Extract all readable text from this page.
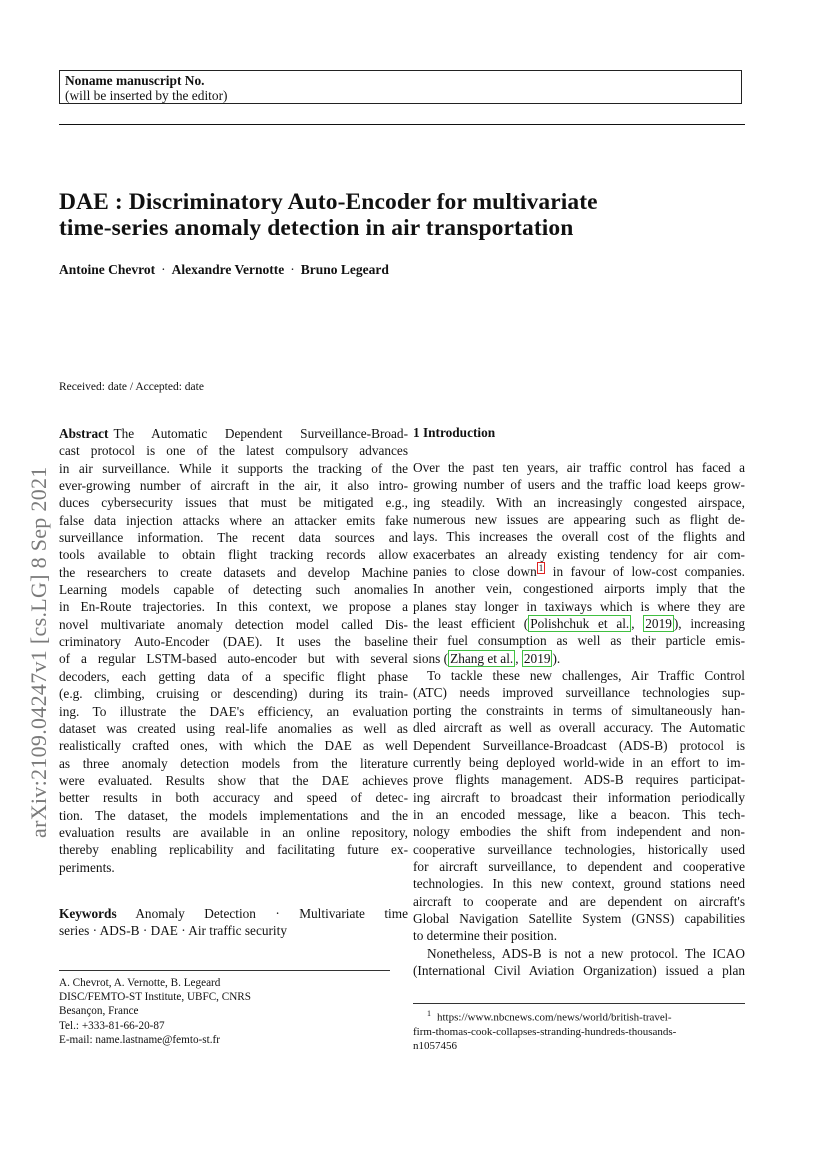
Noname manuscript No.
(will be inserted by the editor)
DAE : Discriminatory Auto-Encoder for multivariate
time-series anomaly detection in air transportation
Antoine Chevrot · Alexandre Vernotte · Bruno Legeard
arXiv:2109.04247v1 [cs.LG] 8 Sep 2021
Received: date / Accepted: date
Abstract The Automatic Dependent Surveillance-Broad-
cast protocol is one of the latest compulsory advances
in air surveillance. While it supports the tracking of the
ever-growing number of aircraft in the air, it also intro-
duces cybersecurity issues that must be mitigated e.g.,
false data injection attacks where an attacker emits fake
surveillance information. The recent data sources and
tools available to obtain flight tracking records allow
the researchers to create datasets and develop Machine
Learning models capable of detecting such anomalies
in En-Route trajectories. In this context, we propose a
novel multivariate anomaly detection model called Dis-
criminatory Auto-Encoder (DAE). It uses the baseline
of a regular LSTM-based auto-encoder but with several
decoders, each getting data of a specific flight phase
(e.g. climbing, cruising or descending) during its train-
ing. To illustrate the DAE's efficiency, an evaluation
dataset was created using real-life anomalies as well as
realistically crafted ones, with which the DAE as well
as three anomaly detection models from the literature
were evaluated. Results show that the DAE achieves
better results in both accuracy and speed of detec-
tion. The dataset, the models implementations and the
evaluation results are available in an online repository,
thereby enabling replicability and facilitating future ex-
periments.
Keywords Anomaly Detection · Multivariate time
series · ADS-B · DAE · Air traffic security
A. Chevrot, A. Vernotte, B. Legeard
DISC/FEMTO-ST Institute, UBFC, CNRS
Besançon, France
Tel.: +333-81-66-20-87
E-mail: name.lastname@femto-st.fr
1 Introduction
Over the past ten years, air traffic control has faced a
growing number of users and the traffic load keeps grow-
ing steadily. With an increasingly congested airspace,
numerous new issues are appearing such as flight de-
lays. This increases the overall cost of the flights and
exacerbates an already existing tendency for air com-
panies to close down $^1$ in favour of low-cost companies.
In another vein, congestioned airports imply that the
planes stay longer in taxiways which is where they are
the least efficient ( Polishchuk et al. , 2019 ), increasing
their fuel consumption as well as their particle emis-
sions ( Zhang et al. , 2019 ).
To tackle these new challenges, Air Traffic Control
(ATC) needs improved surveillance technologies sup-
porting the constraints in terms of simultaneously han-
dled aircraft as well as overall accuracy. The Automatic
Dependent Surveillance-Broadcast (ADS-B) protocol is
currently being deployed world-wide in an effort to im-
prove flights management. ADS-B requires participat-
ing aircraft to broadcast their information periodically
in an encoded message, like a beacon. This tech-
nology embodies the shift from independent and non-
cooperative surveillance technologies, historically used
for aircraft surveillance, to dependent and cooperative
technologies. In this new context, ground stations need
aircraft to cooperate and are dependent on aircraft's
Global Navigation Satellite System (GNSS) capabilities
to determine their position.
Nonetheless, ADS-B is not a new protocol. The ICAO
(International Civil Aviation Organization) issued a plan
$^1$ https://www.nbcnews.com/news/world/british-travel-
firm-thomas-cook-collapses-stranding-hundreds-thousands-
n1057456
